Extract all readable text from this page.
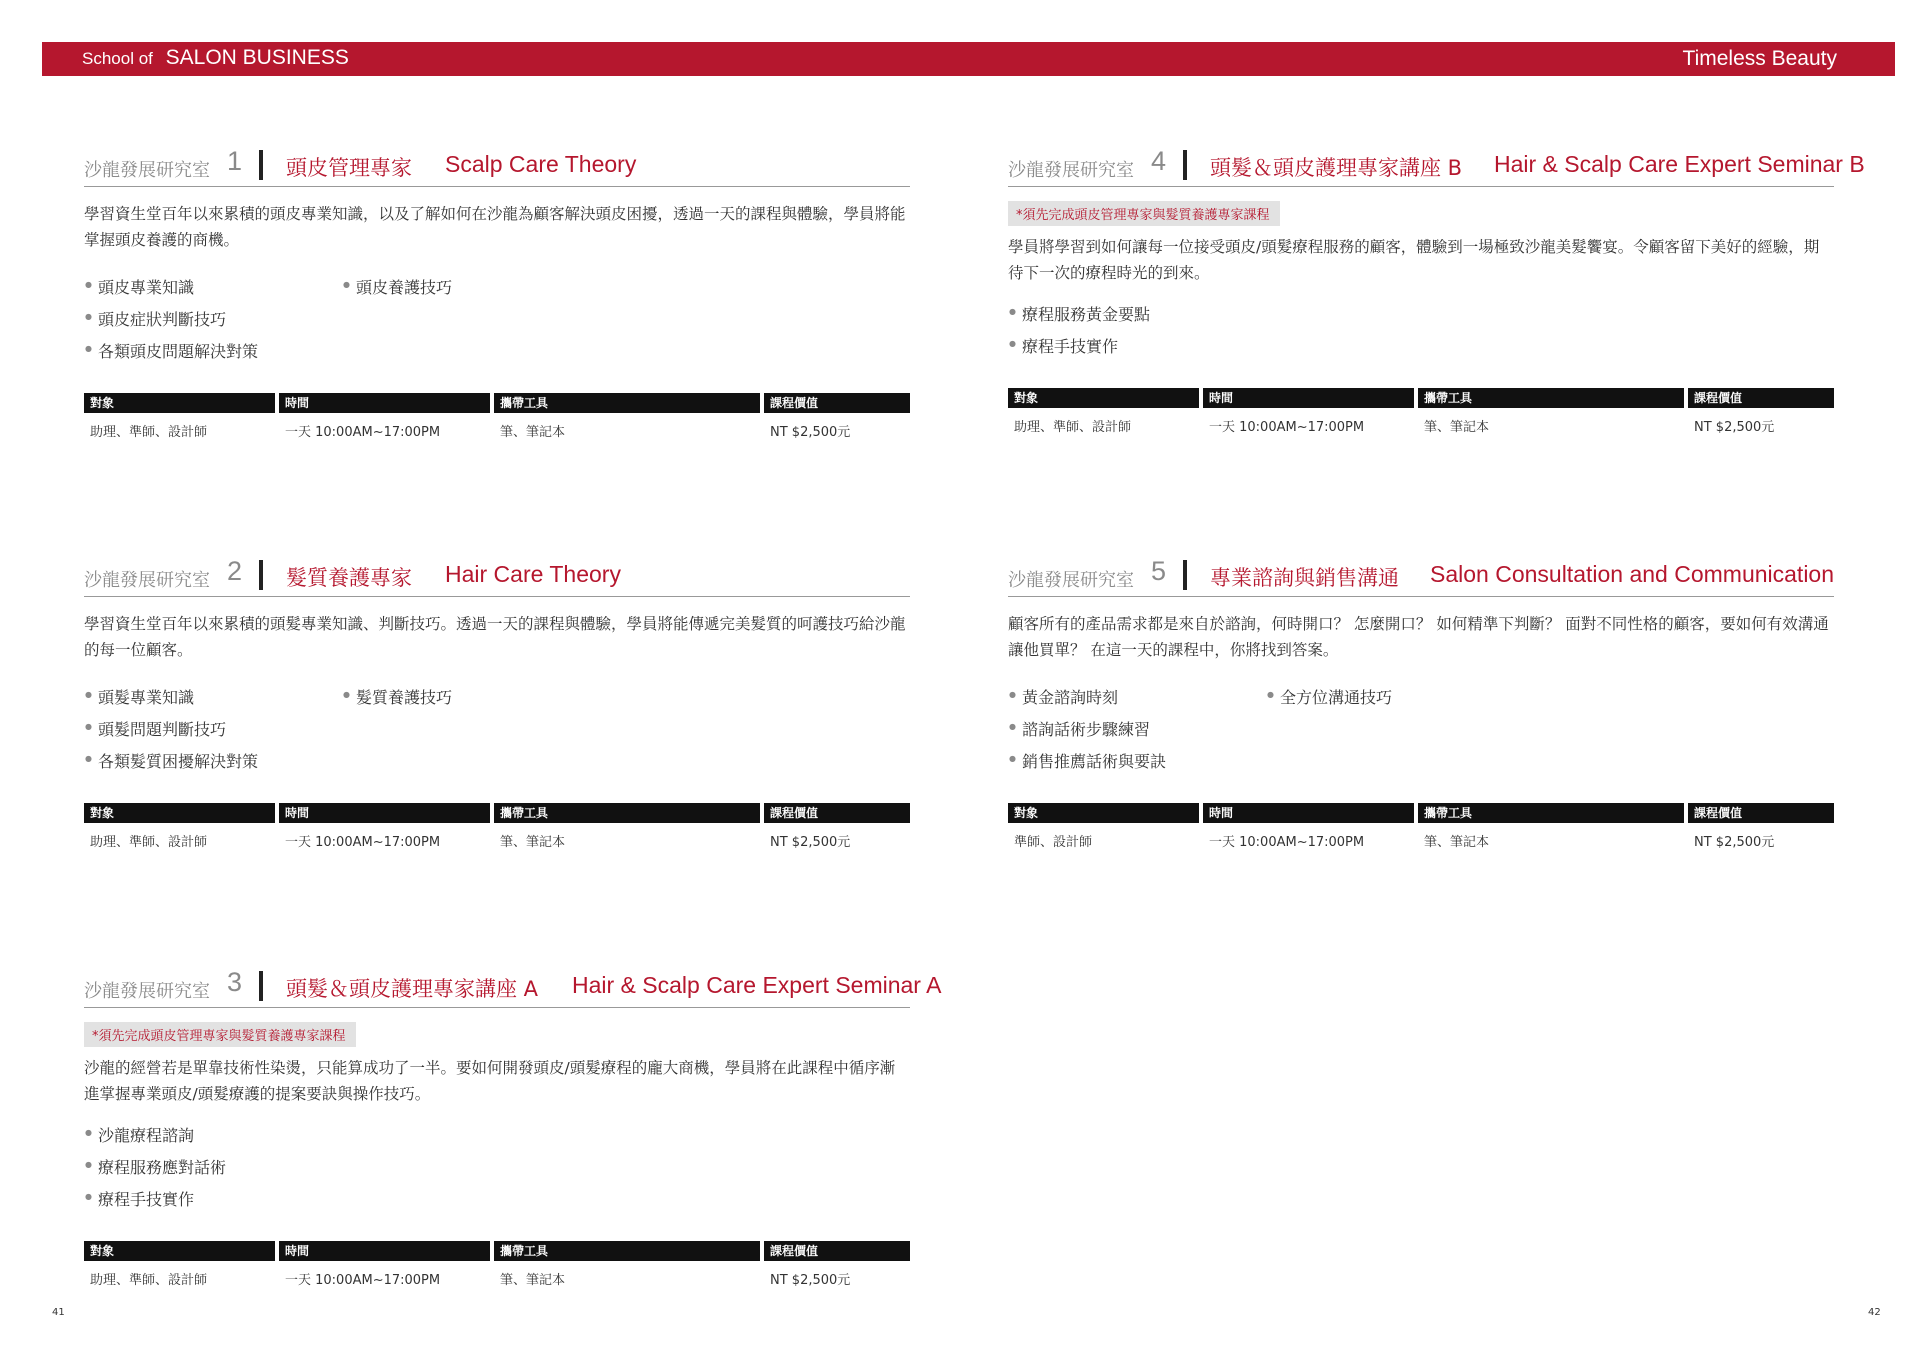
School of SALON BUSINESS	Timeless Beauty
沙龍發展研究室 1 頭皮管理專家 Scalp Care Theory
學習資生堂百年以來累積的頭皮專業知識，以及了解如何在沙龍為顧客解決頭皮困擾，透過一天的課程與體驗，學員將能掌握頭皮養護的商機。
● 頭皮專業知識
● 頭皮症狀判斷技巧
● 各類頭皮問題解決對策
● 頭皮養護技巧
對象	時間	攜帶工具	課程價值
助理、準師、設計師	一天 10:00AM~17:00PM	筆、筆記本	NT $2,500元
沙龍發展研究室 2 髮質養護專家 Hair Care Theory
學習資生堂百年以來累積的頭髮專業知識、判斷技巧。透過一天的課程與體驗，學員將能傳遞完美髮質的呵護技巧給沙龍的每一位顧客。
● 頭髮專業知識
● 頭髮問題判斷技巧
● 各類髮質困擾解決對策
● 髮質養護技巧
對象	時間	攜帶工具	課程價值
助理、準師、設計師	一天 10:00AM~17:00PM	筆、筆記本	NT $2,500元
沙龍發展研究室 3 頭髮＆頭皮護理專家講座 A Hair & Scalp Care Expert Seminar A
*須先完成頭皮管理專家與髮質養護專家課程
沙龍的經營若是單靠技術性染燙，只能算成功了一半。要如何開發頭皮/頭髮療程的龐大商機，學員將在此課程中循序漸進掌握專業頭皮/頭髮療護的提案要訣與操作技巧。
● 沙龍療程諮詢
● 療程服務應對話術
● 療程手技實作
對象	時間	攜帶工具	課程價值
助理、準師、設計師	一天 10:00AM~17:00PM	筆、筆記本	NT $2,500元
沙龍發展研究室 4 頭髮＆頭皮護理專家講座 B Hair & Scalp Care Expert Seminar B
*須先完成頭皮管理專家與髮質養護專家課程
學員將學習到如何讓每一位接受頭皮/頭髮療程服務的顧客，體驗到一場極致沙龍美髮饗宴。令顧客留下美好的經驗，期待下一次的療程時光的到來。
● 療程服務黃金要點
● 療程手技實作
對象	時間	攜帶工具	課程價值
助理、準師、設計師	一天 10:00AM~17:00PM	筆、筆記本	NT $2,500元
沙龍發展研究室 5 專業諮詢與銷售溝通 Salon Consultation and Communication
顧客所有的產品需求都是來自於諮詢，何時開口？ 怎麼開口？ 如何精準下判斷？ 面對不同性格的顧客，要如何有效溝通讓他買單？ 在這一天的課程中，你將找到答案。
● 黃金諮詢時刻
● 諮詢話術步驟練習
● 銷售推薦話術與要訣
● 全方位溝通技巧
對象	時間	攜帶工具	課程價值
準師、設計師	一天 10:00AM~17:00PM	筆、筆記本	NT $2,500元
41	42
